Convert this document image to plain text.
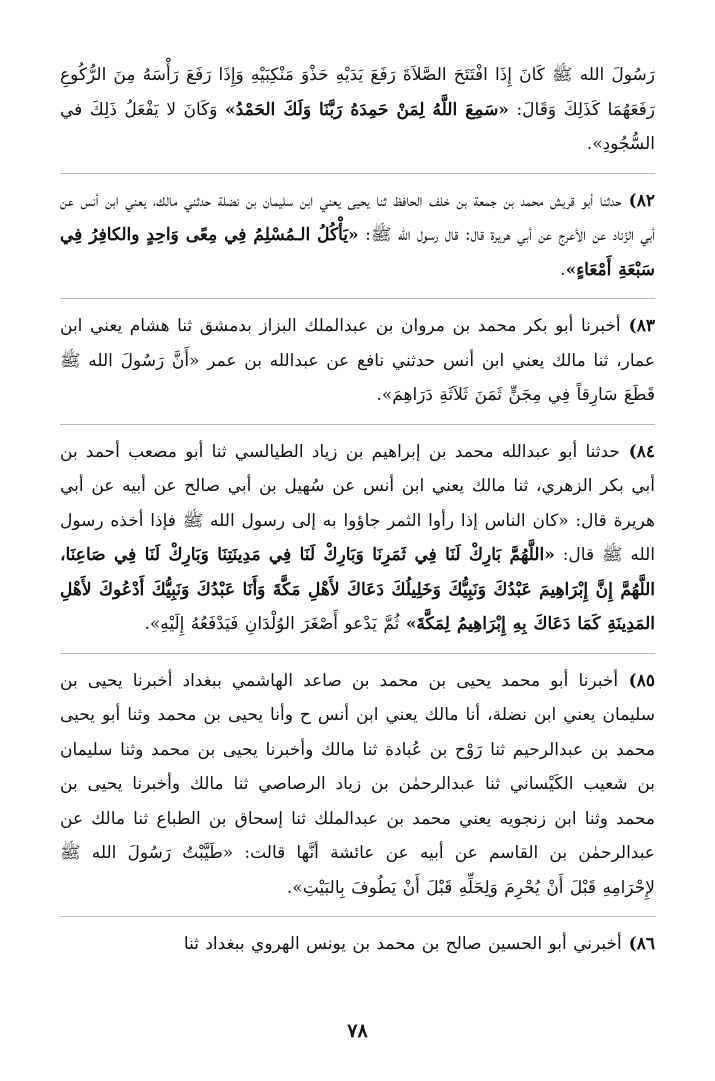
رَسُولَ الله ﷺ كَانَ إِذَا افْتَتَحَ الصَّلاَةَ رَفَعَ يَدَيْهِ حَذْوَ مَنْكِبَيْهِ وَإِذَا رَفَعَ رَأْسَهُ مِنَ الرُّكُوعِ رَفَعَهُمَا كَذَلِكَ وَقَالَ: «سَمِعَ اللَّهُ لِمَنْ حَمِدَهُ رَبَّنَا وَلَكَ الحَمْدُ» وَكَانَ لا يَفْعَلُ ذَلِكَ في السُّجُودِ».

٨٢) حدثنا أبو قريش محمد بن جمعة بن خلف الحافظ ثنا يحيى يعني ابن سليمان بن نضلة حدثني مالك، يعني ابن أنس عن أبي الزّناد عن الأعرج عن أبي هريرة قال: قال رسول الله ﷺ: «يَأْكُلُ الـمُسْلِمُ فِي مِعًى وَاحِدٍ والكافِرُ فِي سَبْعَةِ أَمْعَاءٍ».

٨٣) أخبرنا أبو بكر محمد بن مروان بن عبدالملك البزاز بدمشق ثنا هشام يعني ابن عمار، ثنا مالك يعني ابن أنس حدثني نافع عن عبدالله بن عمر «أَنَّ رَسُولَ الله ﷺ قَطَعَ سَارِقاً فِي مِجَنٍّ ثَمَنَ ثَلاَثَةِ دَرَاهِمَ».

٨٤) حدثنا أبو عبدالله محمد بن إبراهيم بن زياد الطيالسي ثنا أبو مصعب أحمد بن أبي بكر الزهري، ثنا مالك يعني ابن أنس عن سُهيل بن أبي صالح عن أبيه عن أبي هريرة قال: «كان الناس إذا رأوا الثمر جاؤوا به إلى رسول الله ﷺ فإذا أخذه رسول الله ﷺ قال: «اللَّهُمَّ بَارِكْ لَنَا فِي ثَمَرِنَا وَبَارِكْ لَنَا فِي مَدِينَتِنَا وَبَارِكْ لَنَا فِي صَاعِنَا، اللَّهُمَّ إِنَّ إِبْرَاهِيمَ عَبْدُكَ وَنَبِيُّكَ وَخَلِيلُكَ دَعَاكَ لأَهْلِ مَكَّةَ وَأَنَا عَبْدُكَ وَنَبِيُّكَ أَدْعُوكَ لأَهْلِ المَدِينَةِ كَمَا دَعَاكَ بِهِ إِبْرَاهِيمُ لِمَكَّةَ» ثُمَّ يَدْعو أَصْغَرَ الوُلْدَانِ فَيَدْفَعُهُ إِلَيْهِ».

٨٥) أخبرنا أبو محمد يحيى بن محمد بن صاعد الهاشمي ببغداد أخبرنا يحيى بن سليمان يعني ابن نضلة، أنا مالك يعني ابن أنس ح وأنا يحيى بن محمد وثنا أبو يحيى محمد بن عبدالرحيم ثنا رَوْح بن عُبادة ثنا مالك وأخبرنا يحيى بن محمد وثنا سليمان بن شعيب الكَيْساني ثنا عبدالرحمٰن بن زياد الرصاصي ثنا مالك وأخبرنا يحيى بن محمد وثنا ابن زنجويه يعني محمد بن عبدالملك ثنا إسحاق بن الطباع ثنا مالك عن عبدالرحمٰن بن القاسم عن أبيه عن عائشة أنَّها قالت: «طَيَّبْتُ رَسُولَ الله ﷺ لإِحْرَامِهِ قَبْلَ أَنْ يُحْرِمَ وَلِحَلِّهِ قَبْلَ أَنْ يَطُوفَ بِالبَيْتِ».

٨٦) أخبرني أبو الحسين صالح بن محمد بن يونس الهروي ببغداد ثنا

٧٨
